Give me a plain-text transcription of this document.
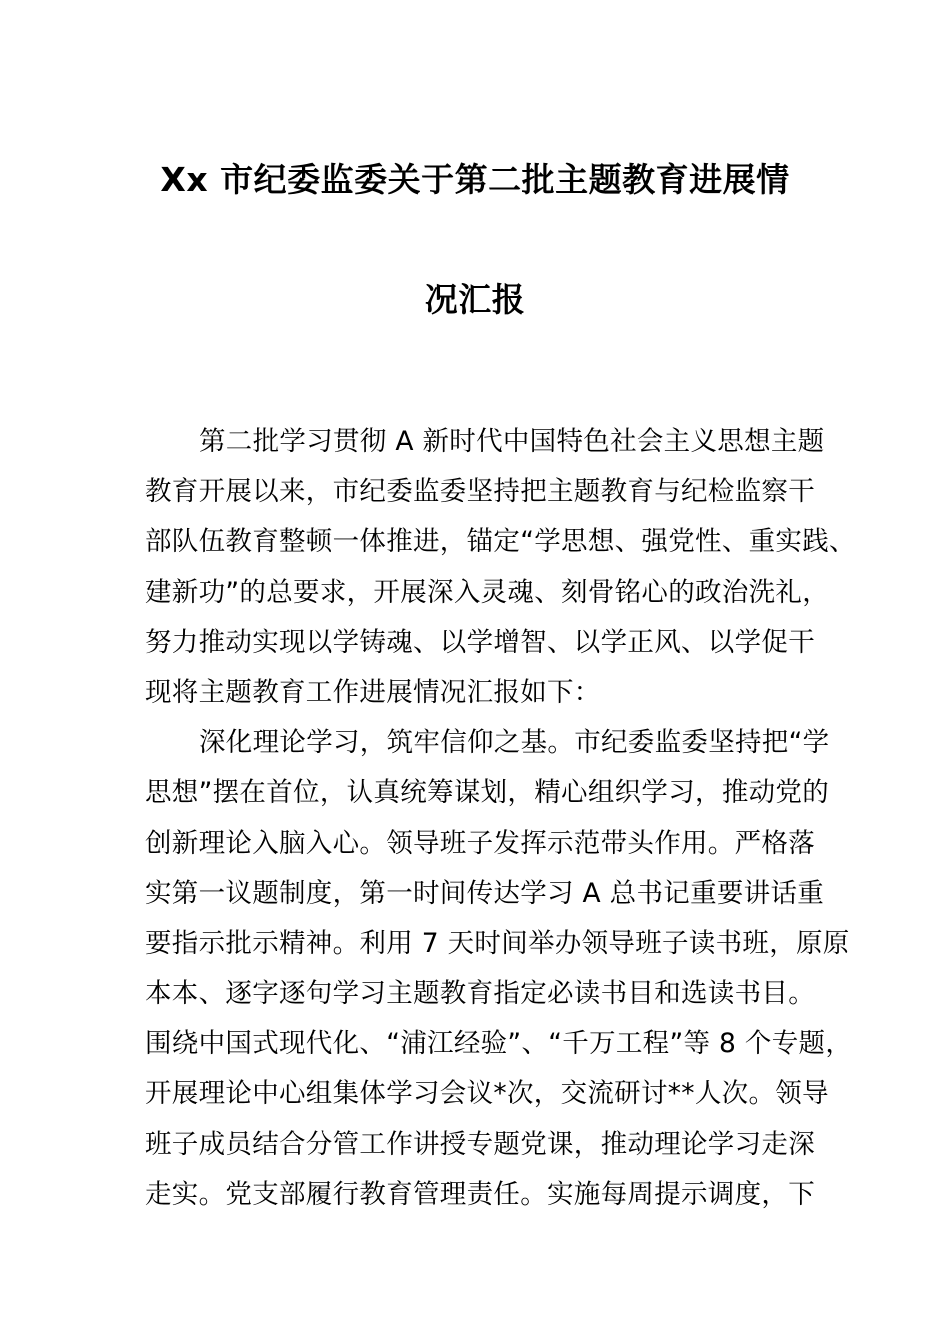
Xx 市纪委监委关于第二批主题教育进展情
况汇报
第二批学习贯彻 A 新时代中国特色社会主义思想主题
教育开展以来，市纪委监委坚持把主题教育与纪检监察干
部队伍教育整顿一体推进，锚定“学思想、强党性、重实践、
建新功”的总要求，开展深入灵魂、刻骨铭心的政治洗礼，
努力推动实现以学铸魂、以学增智、以学正风、以学促干
现将主题教育工作进展情况汇报如下：
深化理论学习，筑牢信仰之基。市纪委监委坚持把“学
思想”摆在首位，认真统筹谋划，精心组织学习，推动党的
创新理论入脑入心。领导班子发挥示范带头作用。严格落
实第一议题制度，第一时间传达学习 A 总书记重要讲话重
要指示批示精神。利用 7 天时间举办领导班子读书班，原原
本本、逐字逐句学习主题教育指定必读书目和选读书目。
围绕中国式现代化、“浦江经验”、“千万工程”等 8 个专题，
开展理论中心组集体学习会议*次，交流研讨**人次。领导
班子成员结合分管工作讲授专题党课，推动理论学习走深
走实。党支部履行教育管理责任。实施每周提示调度，下
